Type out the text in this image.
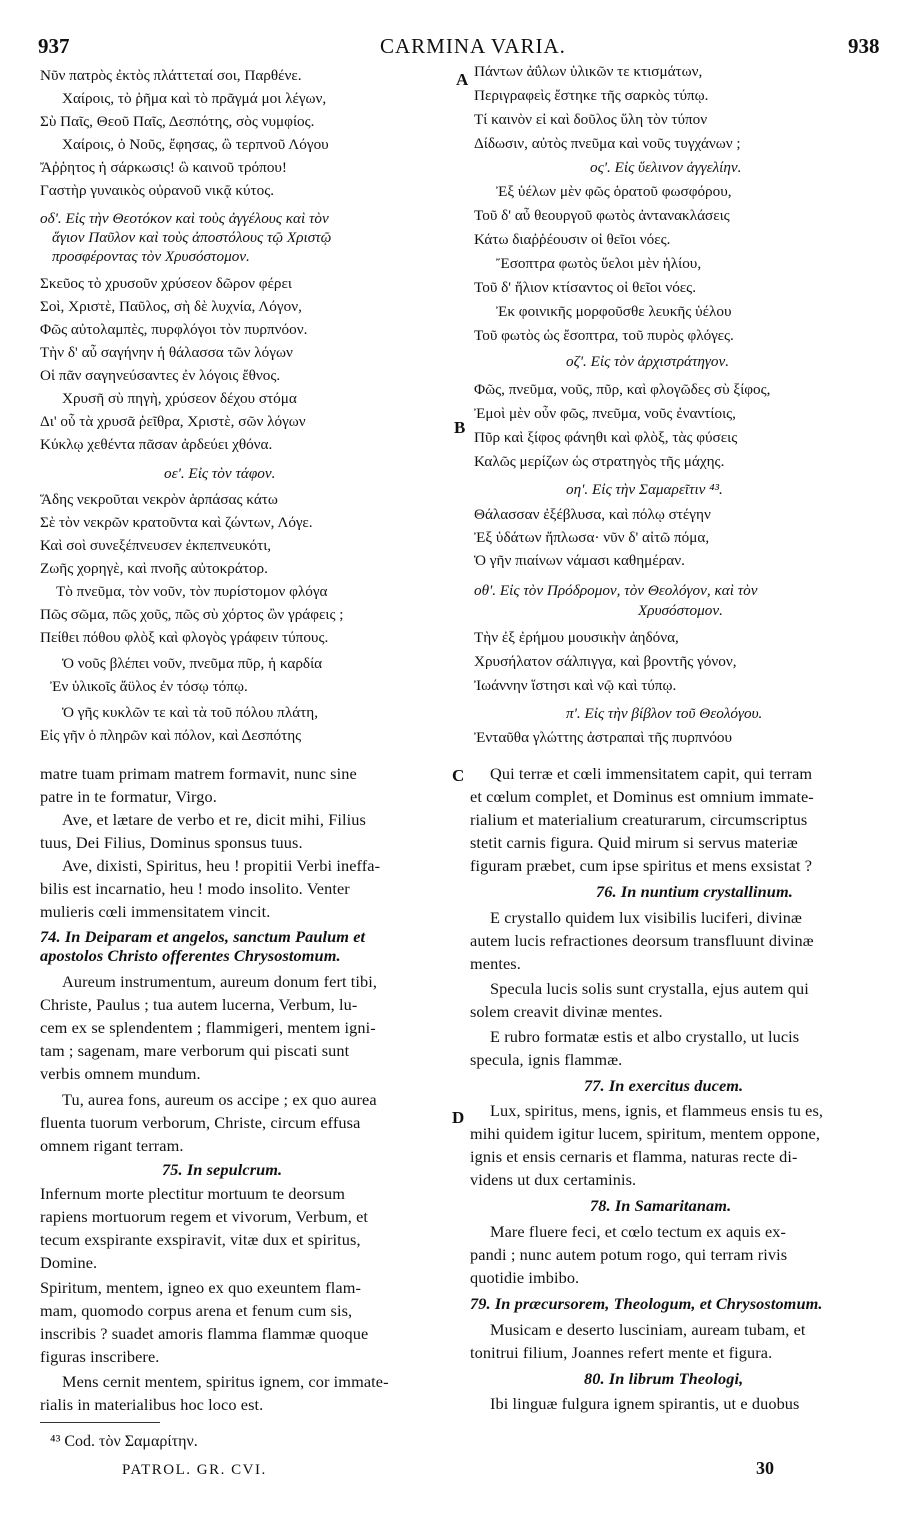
937	CARMINA VARIA.	938
A
B
C
D
Νῦν πατρὸς ἐκτὸς πλάττεταί σοι, Παρθένε.
Χαίροις, τὸ ῥῆμα καὶ τὸ πρᾶγμά μοι λέγων,
Σὺ Παῖς, Θεοῦ Παῖς, Δεσπότης, σὸς νυμφίος.
Χαίροις, ὁ Νοῦς, ἔφησας, ὢ τερπνοῦ Λόγου
Ἄῤῥητος ἡ σάρκωσις! ὢ καινοῦ τρόπου!
Γαστὴρ γυναικὸς οὐρανοῦ νικᾷ κύτος.
οδ'. Εἰς τὴν Θεοτόκον καὶ τοὺς ἀγγέλους καὶ τὸν
ἅγιον Παῦλον καὶ τοὺς ἀποστόλους τῷ Χριστῷ
προσφέροντας τὸν Χρυσόστομον.
Σκεῦος τὸ χρυσοῦν χρύσεον δῶρον φέρει
Σοὶ, Χριστὲ, Παῦλος, σὴ δὲ λυχνία, Λόγον,
Φῶς αὐτολαμπὲς, πυρφλόγοι τὸν πυρπνόον.
Τὴν δ' αὖ σαγήνην ἡ θάλασσα τῶν λόγων
Οἱ πᾶν σαγηνεύσαντες ἐν λόγοις ἔθνος.
Χρυσῆ σὺ πηγὴ, χρύσεον δέχου στόμα
Δι' οὗ τὰ χρυσᾶ ῥεῖθρα, Χριστὲ, σῶν λόγων
Κύκλῳ χεθέντα πᾶσαν ἀρδεύει χθόνα.
οε'. Εἰς τὸν τάφον.
Ἅδης νεκροῦται νεκρὸν ἁρπάσας κάτω
Σὲ τὸν νεκρῶν κρατοῦντα καὶ ζώντων, Λόγε.
Καὶ σοὶ συνεξέπνευσεν ἐκπεπνευκότι,
Ζωῆς χορηγὲ, καὶ πνοῆς αὐτοκράτορ.
Τὸ πνεῦμα, τὸν νοῦν, τὸν πυρίστομον φλόγα
Πῶς σῶμα, πῶς χοῦς, πῶς σὺ χόρτος ὢν γράφεις ;
Πείθει πόθου φλὸξ καὶ φλογὸς γράφειν τύπους.
Ὁ νοῦς βλέπει νοῦν, πνεῦμα πῦρ, ἡ καρδία
Ἐν ὑλικοῖς ἄϋλος ἐν τόσῳ τόπῳ.
Ὁ γῆς κυκλῶν τε καὶ τὰ τοῦ πόλου πλάτη,
Εἰς γῆν ὁ πληρῶν καὶ πόλον, καὶ Δεσπότης
Πάντων ἀΰλων ὑλικῶν τε κτισμάτων,
Περιγραφεὶς ἔστηκε τῆς σαρκὸς τύπῳ.
Τί καινὸν εἰ καὶ δοῦλος ὕλη τὸν τύπον
Δίδωσιν, αὐτὸς πνεῦμα καὶ νοῦς τυγχάνων ;
ος'. Εἰς ὕελινον ἀγγελίην.
Ἐξ ὑέλων μὲν φῶς ὁρατοῦ φωσφόρου,
Τοῦ δ' αὖ θεουργοῦ φωτὸς ἀντανακλάσεις
Κάτω διαῤῥέουσιν οἱ θεῖοι νόες.
Ἔσοπτρα φωτὸς ὕελοι μὲν ἡλίου,
Τοῦ δ' ἥλιον κτίσαντος οἱ θεῖοι νόες.
Ἐκ φοινικῆς μορφοῦσθε λευκῆς ὑέλου
Τοῦ φωτὸς ὡς ἔσοπτρα, τοῦ πυρὸς φλόγες.
οζ'. Εἰς τὸν ἀρχιστράτηγον.
Φῶς, πνεῦμα, νοῦς, πῦρ, καὶ φλογῶδες σὺ ξίφος,
Ἐμοὶ μὲν οὖν φῶς, πνεῦμα, νοῦς ἐναντίοις,
Πῦρ καὶ ξίφος φάνηθι καὶ φλὸξ, τὰς φύσεις
Καλῶς μερίζων ὡς στρατηγὸς τῆς μάχης.
οη'. Εἰς τὴν Σαμαρεῖτιν ⁴³.
Θάλασσαν ἐξέβλυσα, καὶ πόλῳ στέγην
Ἐξ ὑδάτων ἥπλωσα· νῦν δ' αἰτῶ πόμα,
Ὁ γῆν πιαίνων νάμασι καθημέραν.
οθ'. Εἰς τὸν Πρόδρομον, τὸν Θεολόγον, καὶ τὸν
Χρυσόστομον.
Τὴν ἐξ ἐρήμου μουσικὴν ἀηδόνα,
Χρυσήλατον σάλπιγγα, καὶ βροντῆς γόνον,
Ἰωάννην ἵστησι καὶ νῷ καὶ τύπῳ.
π'. Εἰς τὴν βίβλον τοῦ Θεολόγου.
Ἐνταῦθα γλώττης ἀστραπαὶ τῆς πυρπνόου
matre tuam primam matrem formavit, nunc sine
patre in te formatur, Virgo.
Ave, et lætare de verbo et re, dicit mihi, Filius
tuus, Dei Filius, Dominus sponsus tuus.
Ave, dixisti, Spiritus, heu ! propitii Verbi ineffa-
bilis est incarnatio, heu ! modo insolito. Venter
mulieris cœli immensitatem vincit.
74. In Deiparam et angelos, sanctum Paulum et
apostolos Christo offerentes Chrysostomum.
Aureum instrumentum, aureum donum fert tibi,
Christe, Paulus ; tua autem lucerna, Verbum, lu-
cem ex se splendentem ; flammigeri, mentem igni-
tam ; sagenam, mare verborum qui piscati sunt
verbis omnem mundum.
Tu, aurea fons, aureum os accipe ; ex quo aurea
fluenta tuorum verborum, Christe, circum effusa
omnem rigant terram.
75. In sepulcrum.
Infernum morte plectitur mortuum te deorsum
rapiens mortuorum regem et vivorum, Verbum, et
tecum exspirante exspiravit, vitæ dux et spiritus,
Domine.
Spiritum, mentem, igneo ex quo exeuntem flam-
mam, quomodo corpus arena et fenum cum sis,
inscribis ? suadet amoris flamma flammæ quoque
figuras inscribere.
Mens cernit mentem, spiritus ignem, cor immate-
rialis in materialibus hoc loco est.
Qui terræ et cœli immensitatem capit, qui terram
et cœlum complet, et Dominus est omnium immate-
rialium et materialium creaturarum, circumscriptus
stetit carnis figura. Quid mirum si servus materiæ
figuram præbet, cum ipse spiritus et mens exsistat ?
76. In nuntium crystallinum.
E crystallo quidem lux visibilis luciferi, divinæ
autem lucis refractiones deorsum transfluunt divinæ
mentes.
Specula lucis solis sunt crystalla, ejus autem qui
solem creavit divinæ mentes.
E rubro formatæ estis et albo crystallo, ut lucis
specula, ignis flammæ.
77. In exercitus ducem.
Lux, spiritus, mens, ignis, et flammeus ensis tu es,
mihi quidem igitur lucem, spiritum, mentem oppone,
ignis et ensis cernaris et flamma, naturas recte di-
videns ut dux certaminis.
78. In Samaritanam.
Mare fluere feci, et cœlo tectum ex aquis ex-
pandi ; nunc autem potum rogo, qui terram rivis
quotidie imbibo.
79. In præcursorem, Theologum, et Chrysostomum.
Musicam e deserto lusciniam, auream tubam, et
tonitrui filium, Joannes refert mente et figura.
80. In librum Theologi,
Ibi linguæ fulgura ignem spirantis, ut e duobus
⁴³ Cod. τὸν Σαμαρίτην.
PATROL. GR. CVI.	30
